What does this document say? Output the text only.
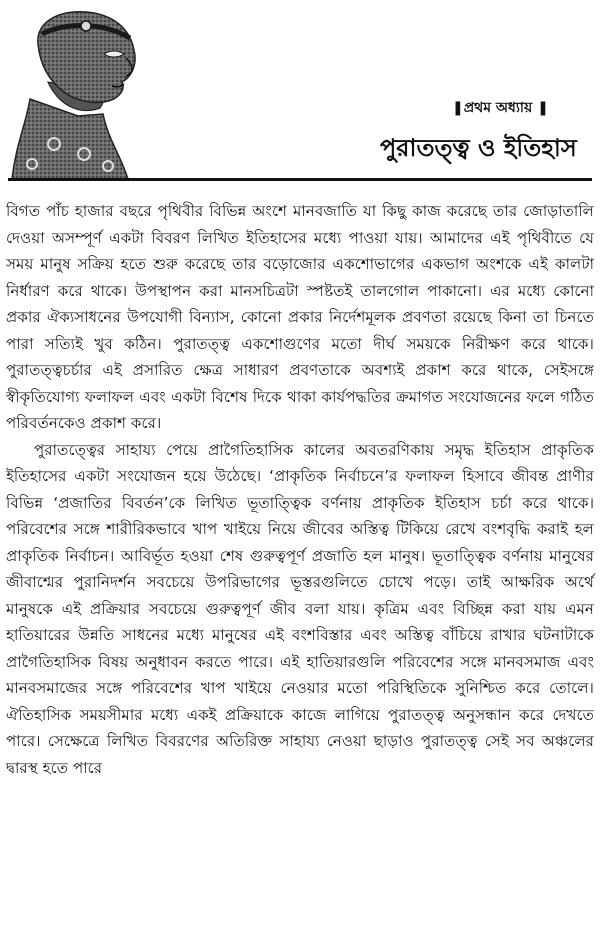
❚প্রথম অধ্যায় ❚
পুরাতত্ত্ব ও ইতিহাস

বিগত পাঁচ হাজার বছরে পৃথিবীর বিভিন্ন অংশে মানবজাতি যা কিছু কাজ করেছে তার জোড়াতালি দেওয়া অসম্পূর্ণ একটা বিবরণ লিখিত ইতিহাসের মধ্যে পাওয়া যায়। আমাদের এই পৃথিবীতে যে সময় মানুষ সক্রিয় হতে শুরু করেছে তার বড়োজোর একশোভাগের একভাগ অংশকে এই কালটা নির্ধারণ করে থাকে। উপস্থাপন করা মানসচিত্রটা স্পষ্টতই তালগোল পাকানো। এর মধ্যে কোনো প্রকার ঐক্যসাধনের উপযোগী বিন্যাস, কোনো প্রকার নির্দেশমূলক প্রবণতা রয়েছে কিনা তা চিনতে পারা সত্যিই খুব কঠিন। পুরাতত্ত্ব একশোগুণের মতো দীর্ঘ সময়কে নিরীক্ষণ করে থাকে। পুরাতত্ত্বচর্চার এই প্রসারিত ক্ষেত্র সাধারণ প্রবণতাকে অবশ্যই প্রকাশ করে থাকে, সেইসঙ্গে স্বীকৃতিযোগ্য ফলাফল এবং একটা বিশেষ দিকে থাকা কার্যপদ্ধতির ক্রমাগত সংযোজনের ফলে গঠিত পরিবর্তনকেও প্রকাশ করে।

পুরাতত্ত্বের সাহায্য পেয়ে প্রাগৈতিহাসিক কালের অবতরণিকায় সমৃদ্ধ ইতিহাস প্রাকৃতিক ইতিহাসের একটা সংযোজন হয়ে উঠেছে। ‘প্রাকৃতিক নির্বাচনে’র ফলাফল হিসাবে জীবন্ত প্রাণীর বিভিন্ন ‘প্রজাতির বিবর্তন’কে লিখিত ভূতাত্ত্বিক বর্ণনায় প্রাকৃতিক ইতিহাস চর্চা করে থাকে। পরিবেশের সঙ্গে শারীরিকভাবে খাপ খাইয়ে নিয়ে জীবের অস্তিত্ব টিকিয়ে রেখে বংশবৃদ্ধি করাই হল প্রাকৃতিক নির্বাচন। আবির্ভূত হওয়া শেষ গুরুত্বপূর্ণ প্রজাতি হল মানুষ। ভূতাত্ত্বিক বর্ণনায় মানুষের জীবাশ্মের পুরানিদর্শন সবচেয়ে উপরিভাগের ভূস্তরগুলিতে চোখে পড়ে। তাই আক্ষরিক অর্থে মানুষকে এই প্রক্রিয়ার সবচেয়ে গুরুত্বপূর্ণ জীব বলা যায়। কৃত্রিম এবং বিচ্ছিন্ন করা যায় এমন হাতিয়ারের উন্নতি সাধনের মধ্যে মানুষের এই বংশবিস্তার এবং অস্তিত্ব বাঁচিয়ে রাখার ঘটনাটাকে প্রাগৈতিহাসিক বিষয় অনুধাবন করতে পারে। এই হাতিয়ারগুলি পরিবেশের সঙ্গে মানবসমাজ এবং মানবসমাজের সঙ্গে পরিবেশের খাপ খাইয়ে নেওয়ার মতো পরিস্থিতিকে সুনিশ্চিত করে তোলে। ঐতিহাসিক সময়সীমার মধ্যে একই প্রক্রিয়াকে কাজে লাগিয়ে পুরাতত্ত্ব অনুসন্ধান করে দেখতে পারে। সেক্ষেত্রে লিখিত বিবরণের অতিরিক্ত সাহায্য নেওয়া ছাড়াও পুরাতত্ত্ব সেই সব অঞ্চলের দ্বারস্থ হতে পারে
